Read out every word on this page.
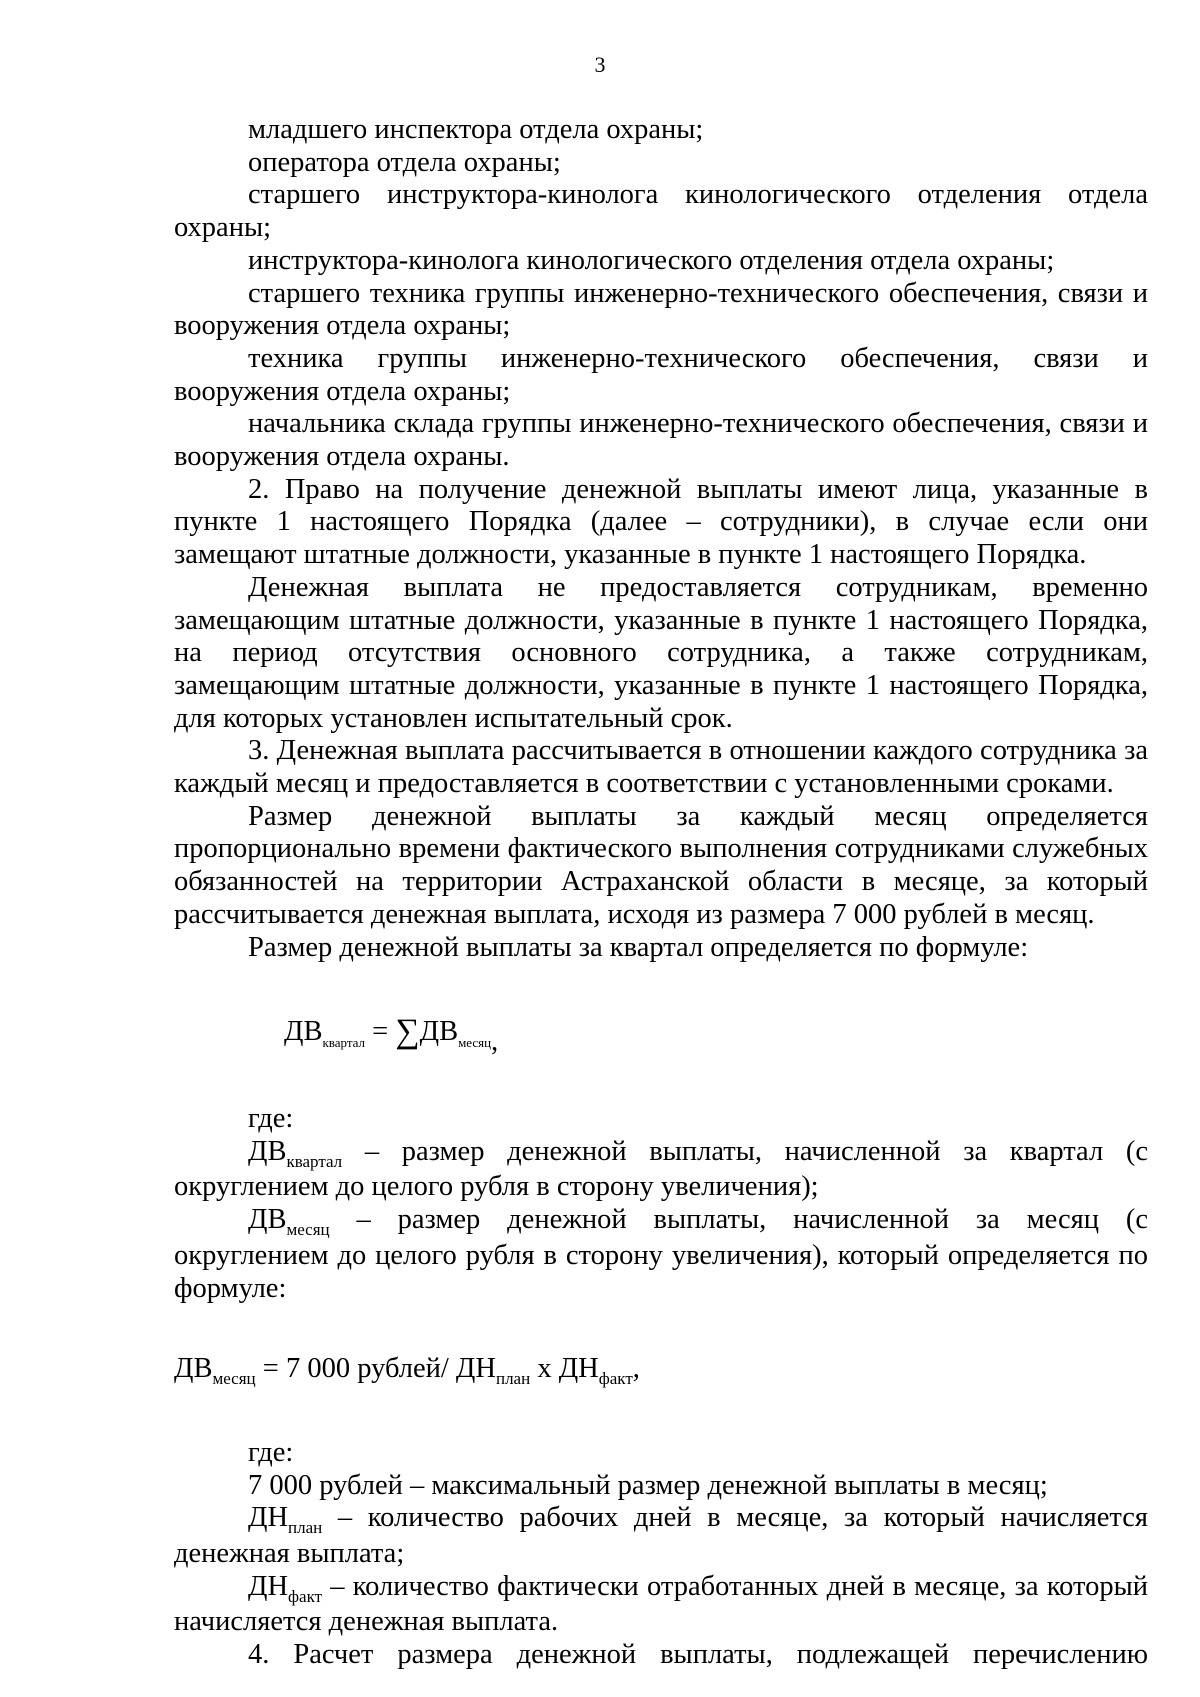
3

младшего инспектора отдела охраны;

оператора отдела охраны;

старшего инструктора-кинолога кинологического отделения отдела охраны;

инструктора-кинолога кинологического отделения отдела охраны;

старшего техника группы инженерно-технического обеспечения, связи и вооружения отдела охраны;

техника группы инженерно-технического обеспечения, связи и вооружения отдела охраны;

начальника склада группы инженерно-технического обеспечения, связи и вооружения отдела охраны.

2. Право на получение денежной выплаты имеют лица, указанные в пункте 1 настоящего Порядка (далее – сотрудники), в случае если они замещают штатные должности, указанные в пункте 1 настоящего Порядка.

Денежная выплата не предоставляется сотрудникам, временно замещающим штатные должности, указанные в пункте 1 настоящего Порядка, на период отсутствия основного сотрудника, а также сотрудникам, замещающим штатные должности, указанные в пункте 1 настоящего Порядка, для которых установлен испытательный срок.

3. Денежная выплата рассчитывается в отношении каждого сотрудника за каждый месяц и предоставляется в соответствии с установленными сроками.

Размер денежной выплаты за каждый месяц определяется пропорционально времени фактического выполнения сотрудниками служебных обязанностей на территории Астраханской области в месяце, за который рассчитывается денежная выплата, исходя из размера 7 000 рублей в месяц.

Размер денежной выплаты за квартал определяется по формуле:

$ДВ_{квартал} = \sum ДВ_{месяц}$,

где:

$ДВ_{квартал}$ – размер денежной выплаты, начисленной за квартал (с округлением до целого рубля в сторону увеличения);

$ДВ_{месяц}$ – размер денежной выплаты, начисленной за месяц (с округлением до целого рубля в сторону увеличения), который определяется по формуле:

$ДВ_{месяц} = 7$ 000 рублей/ $ДН_{план}$ х $ДН_{факт}$,

где:

7 000 рублей – максимальный размер денежной выплаты в месяц;

$ДН_{план}$ – количество рабочих дней в месяце, за который начисляется денежная выплата;

$ДН_{факт}$ – количество фактически отработанных дней в месяце, за который начисляется денежная выплата.

4. Расчет размера денежной выплаты, подлежащей перечислению
